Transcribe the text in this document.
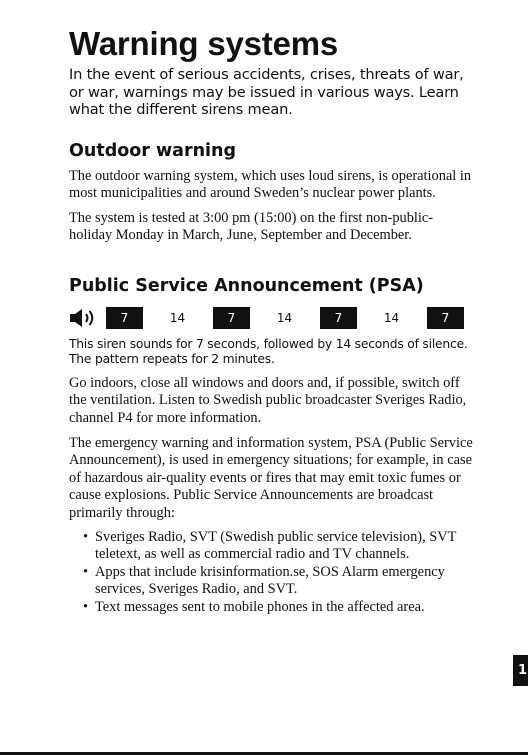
Warning systems

In the event of serious accidents, crises, threats of war, or war, warnings may be issued in various ways. Learn what the different sirens mean.

Outdoor warning

The outdoor warning system, which uses loud sirens, is operational in most municipalities and around Sweden’s nuclear power plants.

The system is tested at 3:00 pm (15:00) on the first non-public-holiday Monday in March, June, September and December.

Public Service Announcement (PSA)
7	14	7	14	7	14	7

This siren sounds for 7 seconds, followed by 14 seconds of silence. The pattern repeats for 2 minutes.

Go indoors, close all windows and doors and, if possible, switch off the ventilation. Listen to Swedish public broadcaster Sveriges Radio, channel P4 for more information.

The emergency warning and information system, PSA (Public Service Announcement), is used in emergency situations; for example, in case of hazardous air-quality events or fires that may emit toxic fumes or cause explosions. Public Service Announcements are broadcast primarily through:

• Sveriges Radio, SVT (Swedish public service television), SVT teletext, as well as commercial radio and TV channels.
• Apps that include krisinformation.se, SOS Alarm emergency services, Sveriges Radio, and SVT.
• Text messages sent to mobile phones in the affected area.
1
